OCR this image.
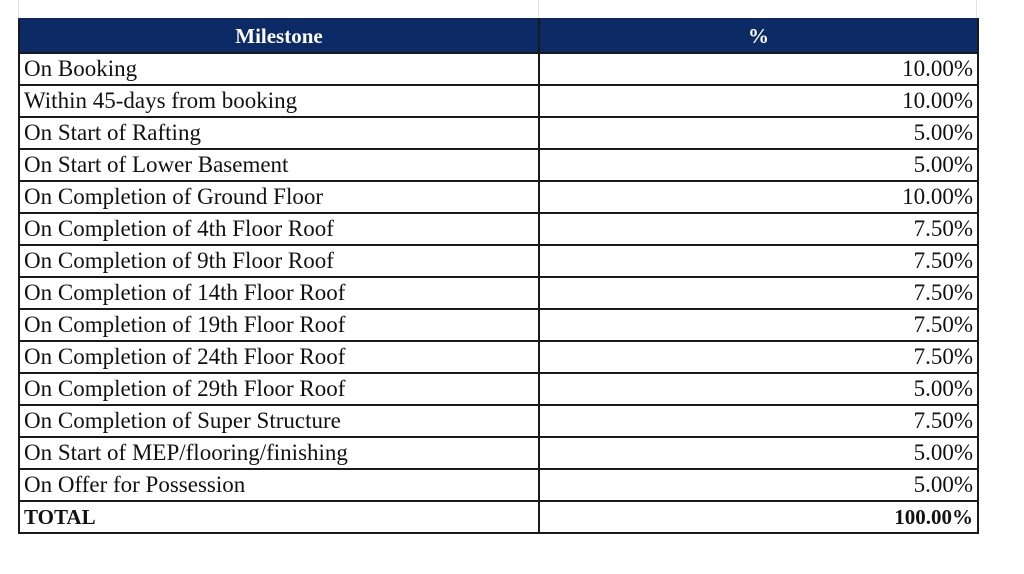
Milestone	%
On Booking	10.00%
Within 45-days from booking	10.00%
On Start of Rafting	5.00%
On Start of Lower Basement	5.00%
On Completion of Ground Floor	10.00%
On Completion of 4th Floor Roof	7.50%
On Completion of 9th Floor Roof	7.50%
On Completion of 14th Floor Roof	7.50%
On Completion of 19th Floor Roof	7.50%
On Completion of 24th Floor Roof	7.50%
On Completion of 29th Floor Roof	5.00%
On Completion of Super Structure	7.50%
On Start of MEP/flooring/finishing	5.00%
On Offer for Possession	5.00%
TOTAL	100.00%
